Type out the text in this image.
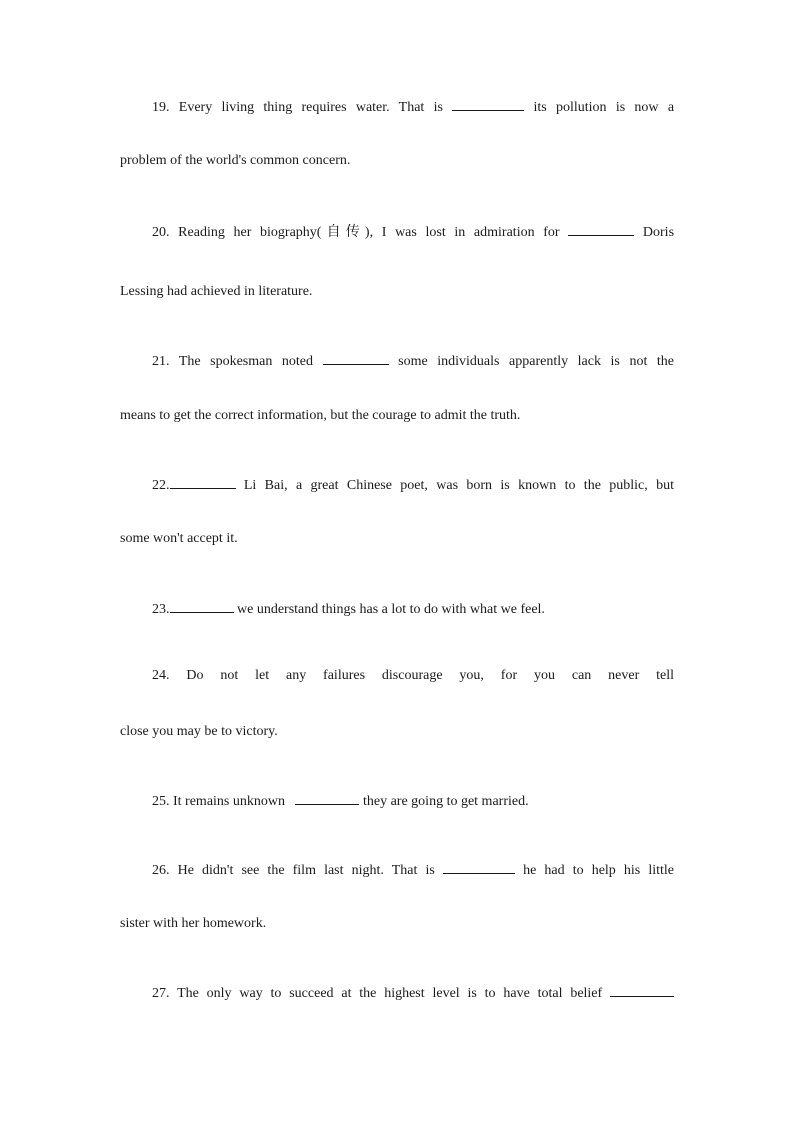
19. Every living thing requires water. That is	its pollution is now a

problem of the world's common concern.

20. Reading her biography(自传), I was lost in admiration for	Doris

Lessing had achieved in literature.

21. The spokesman noted	some individuals apparently lack is not the

means to get the correct information, but the courage to admit the truth.

22.	Li Bai, a great Chinese poet, was born is known to the public, but

some won't accept it.

23.	we understand things has a lot to do with what we feel.

24. Do not let any failures discourage you, for you can never tell

close you may be to victory.

25. It remains unknown	they are going to get married.

26. He didn't see the film last night. That is	he had to help his little

sister with her homework.

27. The only way to succeed at the highest level is to have total belief
